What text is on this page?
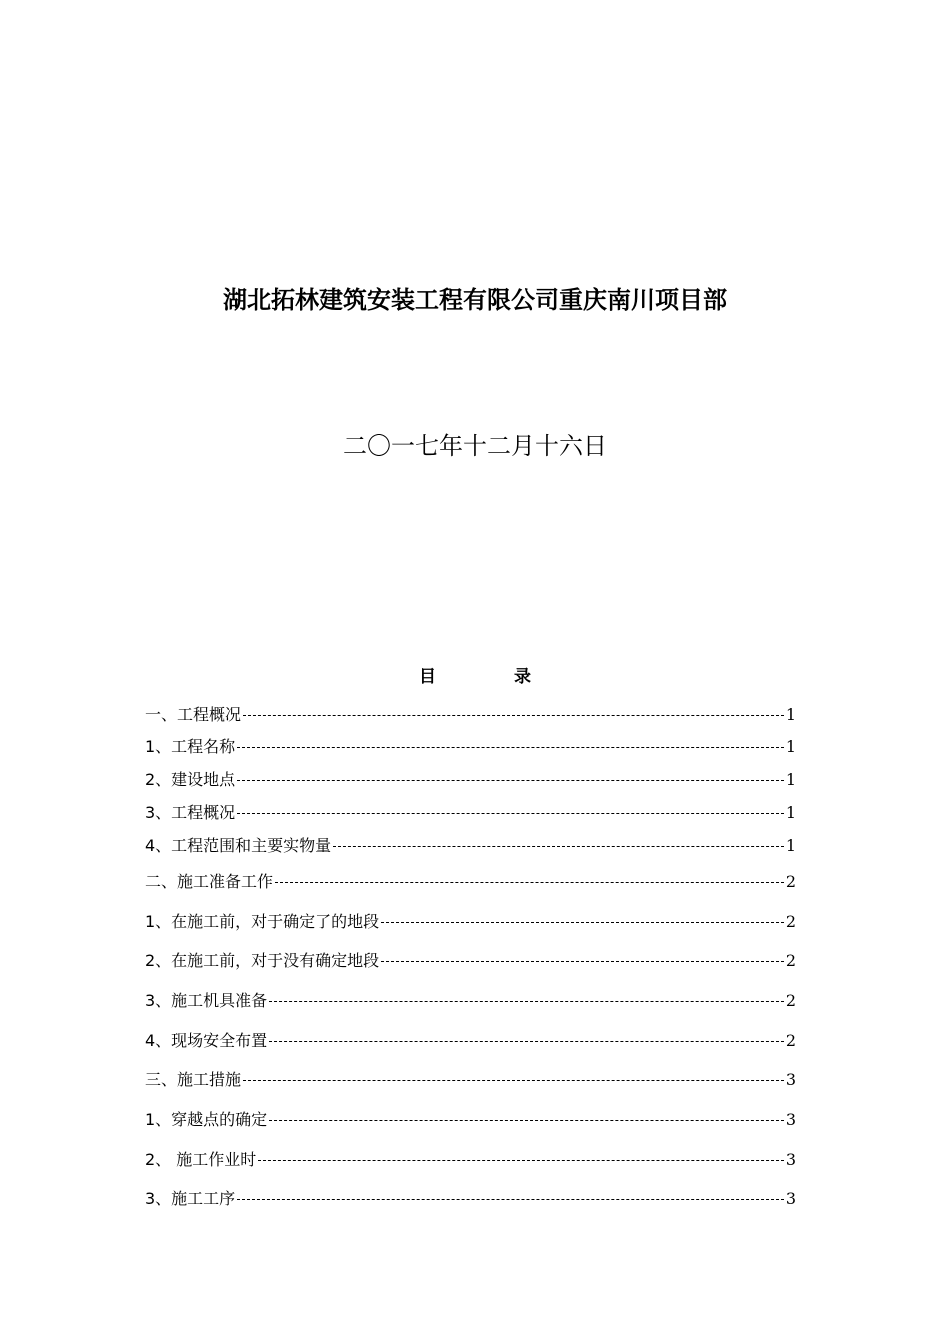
湖北拓林建筑安装工程有限公司重庆南川项目部
二〇一七年十二月十六日
目 录
一、工程概况	1
1、工程名称	1
2、建设地点	1
3、工程概况	1
4、工程范围和主要实物量	1
二、施工准备工作	2
1、在施工前，对于确定了的地段	2
2、在施工前，对于没有确定地段	2
3、施工机具准备	2
4、现场安全布置	2
三、施工措施	3
1、穿越点的确定	3
2、 施工作业时	3
3、施工工序	3
